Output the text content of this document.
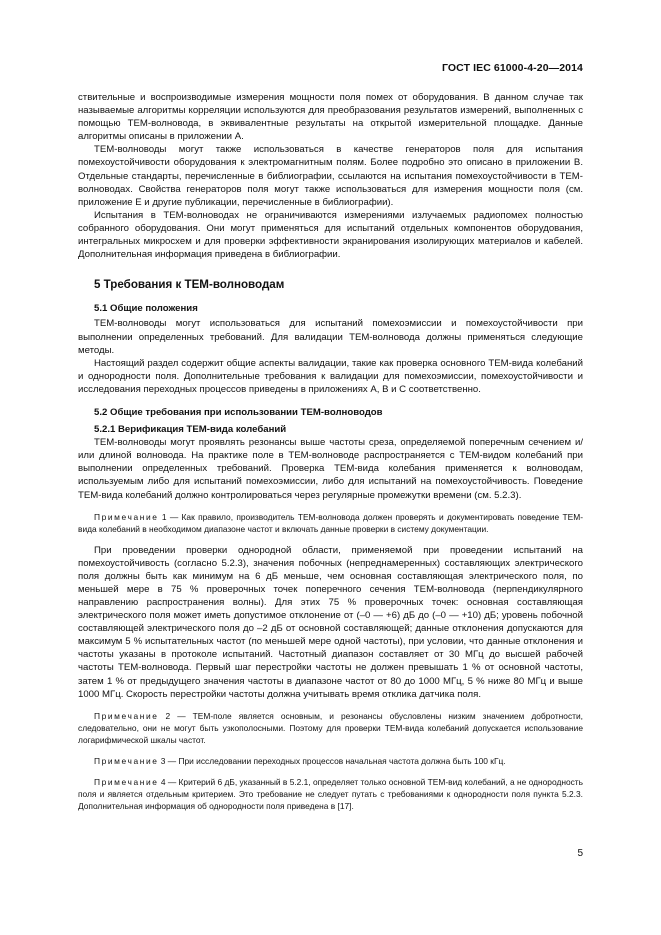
ГОСТ IEC 61000-4-20—2014

ствительные и воспроизводимые измерения мощности поля помех от оборудования. В данном случае так называемые алгоритмы корреляции используются для преобразования результатов измерений, выполненных с помощью ТЕМ-волновода, в эквивалентные результаты на открытой измерительной площадке. Данные алгоритмы описаны в приложении А.

ТЕМ-волноводы могут также использоваться в качестве генераторов поля для испытания помехоустойчивости оборудования к электромагнитным полям. Более подробно это описано в приложении В. Отдельные стандарты, перечисленные в библиографии, ссылаются на испытания помехоустойчивости в ТЕМ-волноводах. Свойства генераторов поля могут также использоваться для измерения мощности поля (см. приложение Е и другие публикации, перечисленные в библиографии).

Испытания в ТЕМ-волноводах не ограничиваются измерениями излучаемых радиопомех полностью собранного оборудования. Они могут применяться для испытаний отдельных компонентов оборудования, интегральных микросхем и для проверки эффективности экранирования изолирующих материалов и кабелей. Дополнительная информация приведена в библиографии.

5 Требования к ТЕМ-волноводам
5.1 Общие положения

ТЕМ-волноводы могут использоваться для испытаний помехоэмиссии и помехоустойчивости при выполнении определенных требований. Для валидации ТЕМ-волновода должны применяться следующие методы.

Настоящий раздел содержит общие аспекты валидации, такие как проверка основного ТЕМ-вида колебаний и однородности поля. Дополнительные требования к валидации для помехоэмиссии, помехоустойчивости и исследования переходных процессов приведены в приложениях А, В и С соответственно.

5.2 Общие требования при использовании ТЕМ-волноводов
5.2.1 Верификация ТЕМ-вида колебаний

ТЕМ-волноводы могут проявлять резонансы выше частоты среза, определяемой поперечным сечением и/или длиной волновода. На практике поле в ТЕМ-волноводе распространяется с ТЕМ-видом колебаний при выполнении определенных требований. Проверка ТЕМ-вида колебания применяется к волноводам, используемым либо для испытаний помехоэмиссии, либо для испытаний на помехоустойчивость. Поведение ТЕМ-вида колебаний должно контролироваться через регулярные промежутки времени (см. 5.2.3).

Примечание 1 — Как правило, производитель ТЕМ-волновода должен проверять и документировать поведение ТЕМ-вида колебаний в необходимом диапазоне частот и включать данные проверки в систему документации.

При проведении проверки однородной области, применяемой при проведении испытаний на помехоустойчивость (согласно 5.2.3), значения побочных (непреднамеренных) составляющих электрического поля должны быть как минимум на 6 дБ меньше, чем основная составляющая электрического поля, по меньшей мере в 75 % проверочных точек поперечного сечения ТЕМ-волновода (перпендикулярного направлению распространения волны). Для этих 75 % проверочных точек: основная составляющая электрического поля может иметь допустимое отклонение от (–0 — +6) дБ до (–0 — +10) дБ; уровень побочной составляющей электрического поля до –2 дБ от основной составляющей; данные отклонения допускаются для максимум 5 % испытательных частот (по меньшей мере одной частоты), при условии, что данные отклонения и частоты указаны в протоколе испытаний. Частотный диапазон составляет от 30 МГц до высшей рабочей частоты ТЕМ-волновода. Первый шаг перестройки частоты не должен превышать 1 % от основной частоты, затем 1 % от предыдущего значения частоты в диапазоне частот от 80 до 1000 МГц, 5 % ниже 80 МГц и выше 1000 МГц. Скорость перестройки частоты должна учитывать время отклика датчика поля.

Примечание 2 — ТЕМ-поле является основным, и резонансы обусловлены низким значением добротности, следовательно, они не могут быть узкополосными. Поэтому для проверки ТЕМ-вида колебаний допускается использование логарифмической шкалы частот.

Примечание 3 — При исследовании переходных процессов начальная частота должна быть 100 кГц.

Примечание 4 — Критерий 6 дБ, указанный в 5.2.1, определяет только основной ТЕМ-вид колебаний, а не однородность поля и является отдельным критерием. Это требование не следует путать с требованиями к однородности поля пункта 5.2.3. Дополнительная информация об однородности поля приведена в [17].

5
